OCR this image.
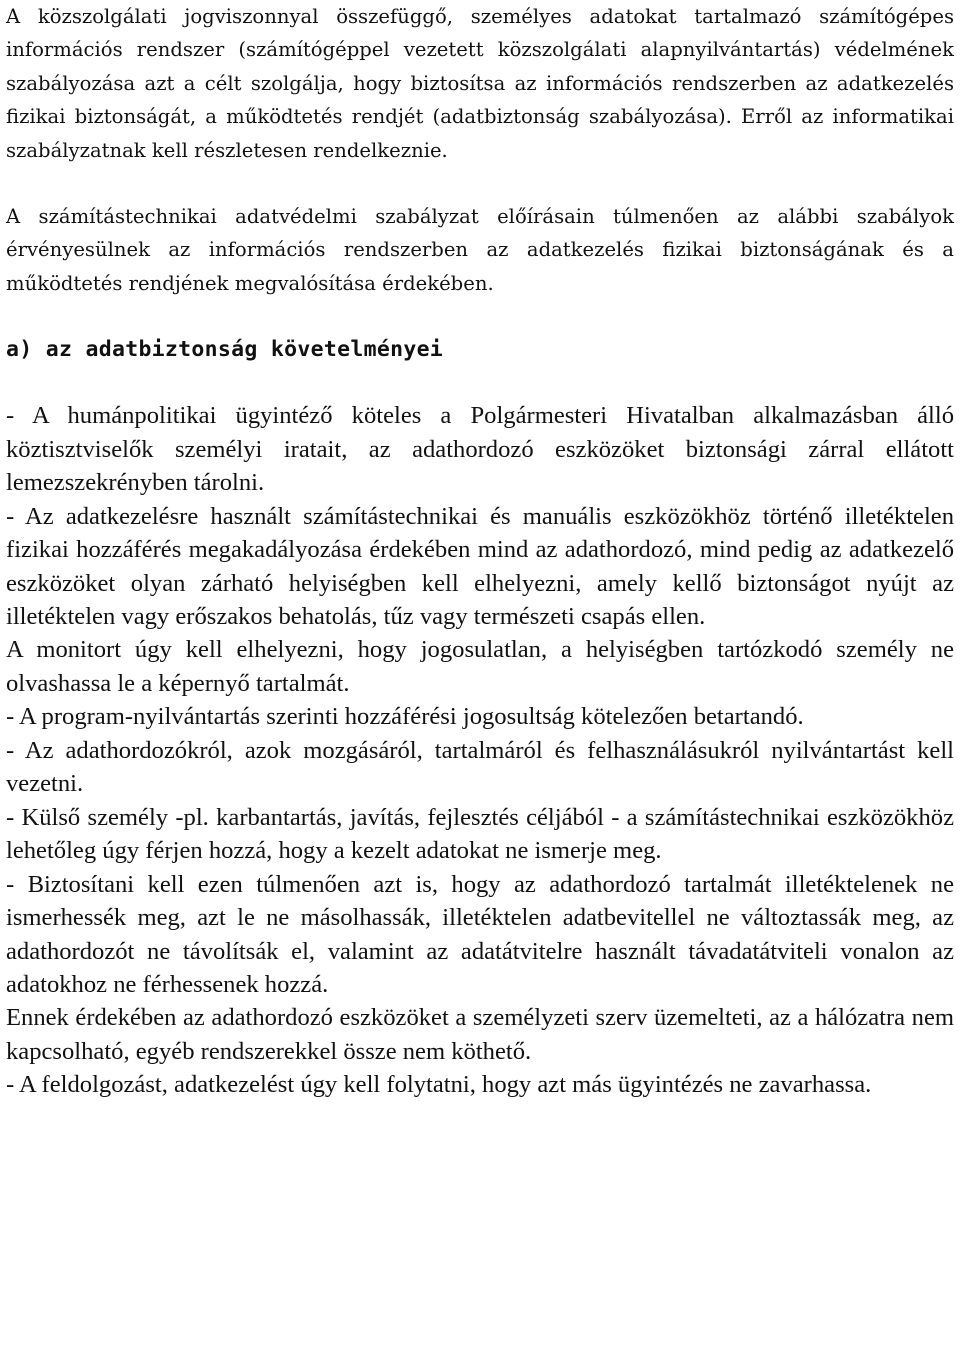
A közszolgálati jogviszonnyal összefüggő, személyes adatokat tartalmazó számítógépes információs rendszer (számítógéppel vezetett közszolgálati alapnyilvántartás) védelmének szabályozása azt a célt szolgálja, hogy biztosítsa az információs rendszerben az adatkezelés fizikai biztonságát, a működtetés rendjét (adatbiztonság szabályozása). Erről az informatikai szabályzatnak kell részletesen rendelkeznie.

A számítástechnikai adatvédelmi szabályzat előírásain túlmenően az alábbi szabályok érvényesülnek az információs rendszerben az adatkezelés fizikai biztonságának és a működtetés rendjének megvalósítása érdekében.

a) az adatbiztonság követelményei

- A humánpolitikai ügyintéző köteles a Polgármesteri Hivatalban alkalmazásban álló köztisztviselők személyi iratait, az adathordozó eszközöket biztonsági zárral ellátott lemezszekrényben tárolni.

- Az adatkezelésre használt számítástechnikai és manuális eszközökhöz történő illetéktelen fizikai hozzáférés megakadályozása érdekében mind az adathordozó, mind pedig az adatkezelő eszközöket olyan zárható helyiségben kell elhelyezni, amely kellő biztonságot nyújt az illetéktelen vagy erőszakos behatolás, tűz vagy természeti csapás ellen.

A monitort úgy kell elhelyezni, hogy jogosulatlan, a helyiségben tartózkodó személy ne olvashassa le a képernyő tartalmát.

- A program-nyilvántartás szerinti hozzáférési jogosultság kötelezően betartandó.

- Az adathordozókról, azok mozgásáról, tartalmáról és felhasználásukról nyilvántartást kell vezetni.

- Külső személy -pl. karbantartás, javítás, fejlesztés céljából - a számítástechnikai eszközökhöz lehetőleg úgy férjen hozzá, hogy a kezelt adatokat ne ismerje meg.

- Biztosítani kell ezen túlmenően azt is, hogy az adathordozó tartalmát illetéktelenek ne ismerhessék meg, azt le ne másolhassák, illetéktelen adatbevitellel ne változtassák meg, az adathordozót ne távolítsák el, valamint az adatátvitelre használt távadatátviteli vonalon az adatokhoz ne férhessenek hozzá.

Ennek érdekében az adathordozó eszközöket a személyzeti szerv üzemelteti, az a hálózatra nem kapcsolható, egyéb rendszerekkel össze nem köthető.

- A feldolgozást, adatkezelést úgy kell folytatni, hogy azt más ügyintézés ne zavarhassa.
